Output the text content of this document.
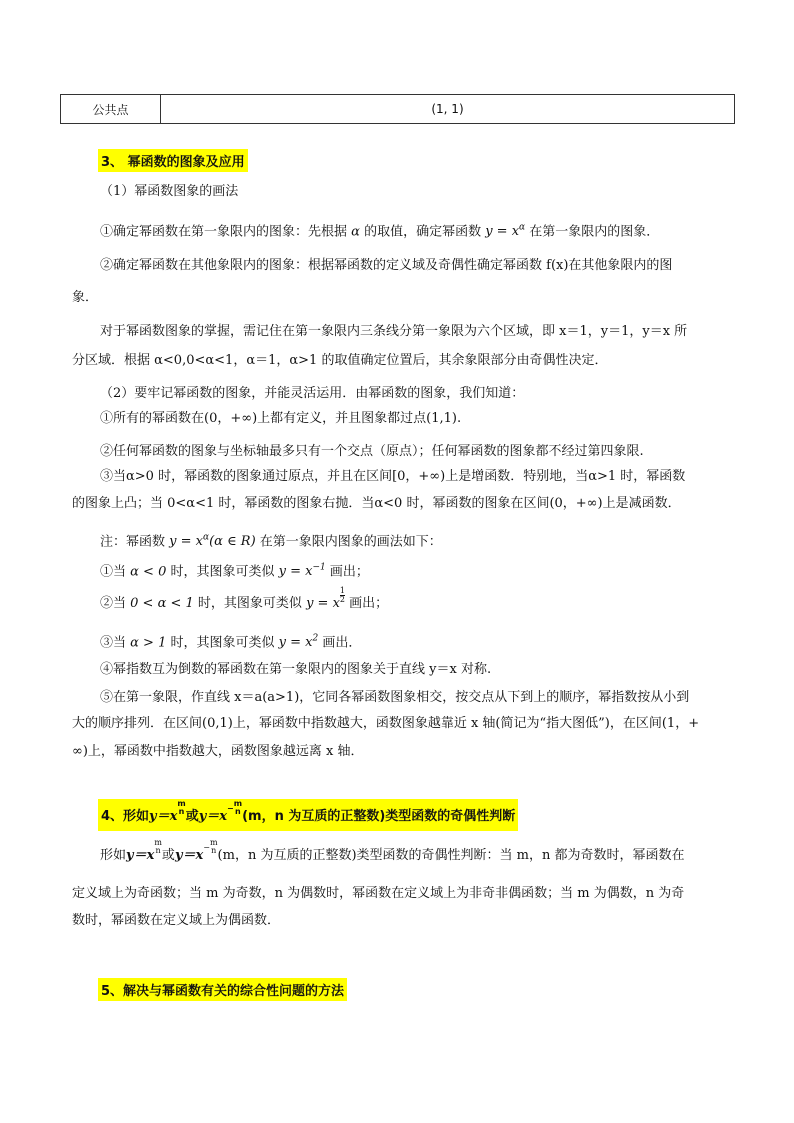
公共点	(1, 1)
3、 幂函数的图象及应用
（1）幂函数图象的画法
①确定幂函数在第一象限内的图象：先根据 α 的取值，确定幂函数 $y = x^\alpha$ 在第一象限内的图象．
②确定幂函数在其他象限内的图象：根据幂函数的定义域及奇偶性确定幂函数 f(x)在其他象限内的图
象．
对于幂函数图象的掌握，需记住在第一象限内三条线分第一象限为六个区域，即 x＝1，y＝1，y＝x 所
分区域．根据 α<0,0<α<1，α＝1，α>1 的取值确定位置后，其余象限部分由奇偶性决定．
（2）要牢记幂函数的图象，并能灵活运用．由幂函数的图象，我们知道：
①所有的幂函数在(0，+∞)上都有定义，并且图象都过点(1,1).
②任何幂函数的图象与坐标轴最多只有一个交点（原点）；任何幂函数的图象都不经过第四象限.
③当α>0 时，幂函数的图象通过原点，并且在区间[0，+∞)上是增函数．特别地，当α>1 时，幂函数
的图象上凸；当 0<α<1 时，幂函数的图象右抛．当α<0 时，幂函数的图象在区间(0，+∞)上是减函数．
注：幂函数 $y = x^\alpha(\alpha$ ∈ R) 在第一象限内图象的画法如下：
①当 α < 0 时，其图象可类似 $y = x^{-1}$ 画出；
②当 0 < α < 1 时，其图象可类似 y = x $\frac{1}{2}$ 画出；
③当 α > 1 时，其图象可类似 $y = x^2$ 画出．
④幂指数互为倒数的幂函数在第一象限内的图象关于直线 y＝x 对称.
⑤在第一象限，作直线 x＝a(a>1)，它同各幂函数图象相交，按交点从下到上的顺序，幂指数按从小到
大的顺序排列．在区间(0,1)上，幂函数中指数越大，函数图象越靠近 x 轴(简记为“指大图低”)，在区间(1，+
∞)上，幂函数中指数越大，函数图象越远离 x 轴．
4、形如y＝x
m
n 或y＝x−
m
n (m，n 为互质的正整数)类型函数的奇偶性判断
形如y＝x
m
n 或y＝x−
m
n (m，n 为互质的正整数)类型函数的奇偶性判断：当 m，n 都为奇数时，幂函数在
定义域上为奇函数；当 m 为奇数，n 为偶数时，幂函数在定义域上为非奇非偶函数；当 m 为偶数，n 为奇
数时，幂函数在定义域上为偶函数．
5、解决与幂函数有关的综合性问题的方法
